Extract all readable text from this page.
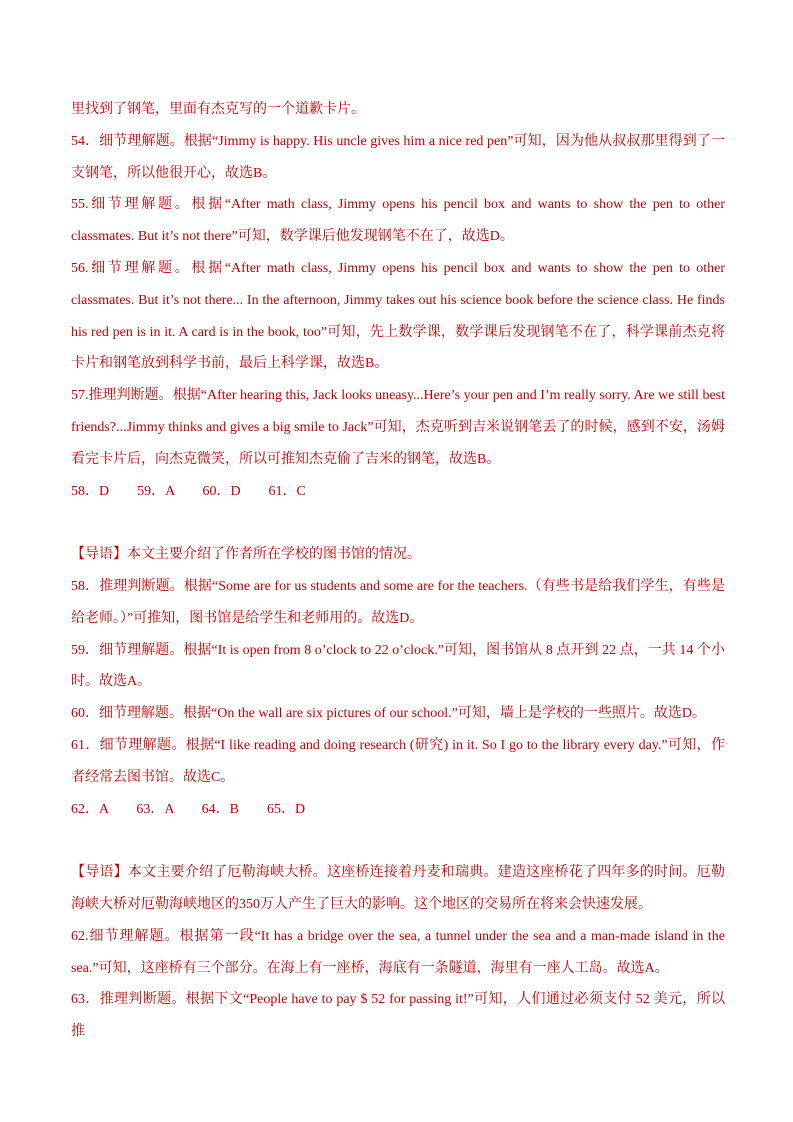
里找到了钢笔，里面有杰克写的一个道歉卡片。

54．细节理解题。根据“Jimmy is happy. His uncle gives him a nice red pen”可知，因为他从叔叔那里得到了一支钢笔，所以他很开心，故选B。

55.细节理解题。根据“After math class, Jimmy opens his pencil box and wants to show the pen to other classmates. But it’s not there”可知，数学课后他发现钢笔不在了，故选D。

56.细节理解题。根据“After math class, Jimmy opens his pencil box and wants to show the pen to other classmates. But it’s not there... In the afternoon, Jimmy takes out his science book before the science class. He finds his red pen is in it. A card is in the book, too”可知，先上数学课，数学课后发现钢笔不在了，科学课前杰克将卡片和钢笔放到科学书前，最后上科学课，故选B。

57.推理判断题。根据“After hearing this, Jack looks uneasy...Here’s your pen and I’m really sorry. Are we still best friends?...Jimmy thinks and gives a big smile to Jack”可知，杰克听到吉米说钢笔丢了的时候，感到不安，汤姆看完卡片后，向杰克微笑，所以可推知杰克偷了吉米的钢笔，故选B。

58．D　　59．A　　60．D　　61．C

【导语】本文主要介绍了作者所在学校的图书馆的情况。

58．推理判断题。根据“Some are for us students and some are for the teachers.（有些书是给我们学生，有些是给老师。）”可推知，图书馆是给学生和老师用的。故选D。

59．细节理解题。根据“It is open from 8 o’clock to 22 o’clock.”可知，图书馆从 8 点开到 22 点，一共 14 个小时。故选A。

60．细节理解题。根据“On the wall are six pictures of our school.”可知，墙上是学校的一些照片。故选D。

61．细节理解题。根据“I like reading and doing research (研究) in it. So I go to the library every day.”可知，作者经常去图书馆。故选C。

62．A　　63．A　　64．B　　65．D

【导语】本文主要介绍了厄勒海峡大桥。这座桥连接着丹麦和瑞典。建造这座桥花了四年多的时间。厄勒海峡大桥对厄勒海峡地区的350万人产生了巨大的影响。这个地区的交易所在将来会快速发展。

62.细节理解题。根据第一段“It has a bridge over the sea, a tunnel under the sea and a man-made island in the sea.”可知，这座桥有三个部分。在海上有一座桥，海底有一条隧道，海里有一座人工岛。故选A。

63．推理判断题。根据下文“People have to pay $ 52 for passing it!”可知，人们通过必须支付 52 美元，所以推
